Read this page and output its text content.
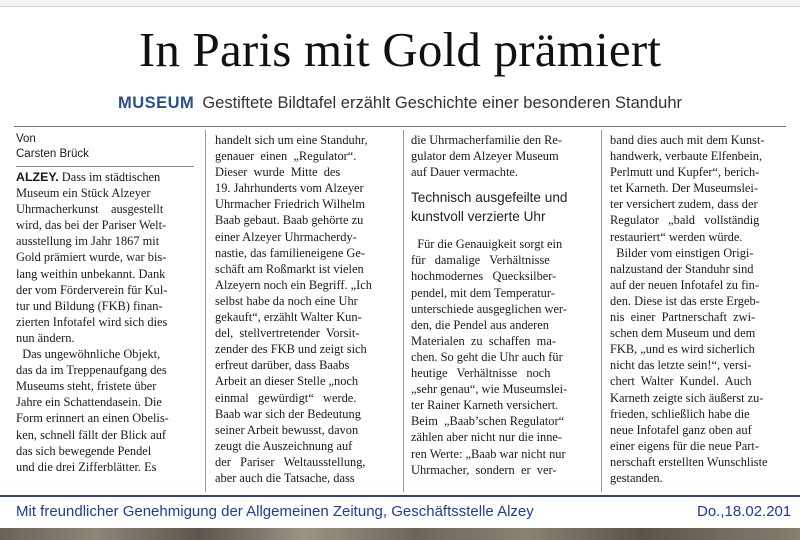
In Paris mit Gold prämiert
MUSEUM Gestiftete Bildtafel erzählt Geschichte einer besonderen Standuhr
Von
Carsten Brück
ALZEY. Dass im städtischen
Museum ein Stück Alzeyer
Uhrmacherkunst    ausgestellt
wird, das bei der Pariser Welt-
ausstellung im Jahr 1867 mit
Gold prämiert wurde, war bis-
lang weithin unbekannt. Dank
der vom Förderverein für Kul-
tur und Bildung (FKB) finan-
zierten Infotafel wird sich dies
nun ändern.
Das ungewöhnliche Objekt,
das da im Treppenaufgang des
Museums steht, fristete über
Jahre ein Schattendasein. Die
Form erinnert an einen Obelis-
ken, schnell fällt der Blick auf
das sich bewegende Pendel
und die drei Zifferblätter. Es
handelt sich um eine Standuhr,
genauer  einen  „Regulator“.
Dieser  wurde  Mitte  des
19. Jahrhunderts vom Alzeyer
Uhrmacher Friedrich Wilhelm
Baab gebaut. Baab gehörte zu
einer Alzeyer Uhrmacherdy-
nastie, das familieneigene Ge-
schäft am Roßmarkt ist vielen
Alzeyern noch ein Begriff. „Ich
selbst habe da noch eine Uhr
gekauft“, erzählt Walter Kun-
del,  stellvertretender  Vorsit-
zender des FKB und zeigt sich
erfreut darüber, dass Baabs
Arbeit an dieser Stelle „noch
einmal   gewürdigt“   werde.
Baab war sich der Bedeutung
seiner Arbeit bewusst, davon
zeugt die Auszeichnung auf
der   Pariser   Weltausstellung,
aber auch die Tatsache, dass
die Uhrmacherfamilie den Re-
gulator dem Alzeyer Museum
auf Dauer vermachte.
Technisch ausgefeilte und
kunstvoll verzierte Uhr
Für die Genauigkeit sorgt ein
für   damalige   Verhältnisse
hochmodernes   Quecksilber-
pendel, mit dem Temperatur-
unterschiede ausgeglichen wer-
den, die Pendel aus anderen
Materialen  zu  schaffen  ma-
chen. So geht die Uhr auch für
heutige   Verhältnisse   noch
„sehr genau“, wie Museumslei-
ter Rainer Karneth versichert.
Beim  „Baab’schen Regulator“
zählen aber nicht nur die inne-
ren Werte: „Baab war nicht nur
Uhrmacher,  sondern  er  ver-
band dies auch mit dem Kunst-
handwerk, verbaute Elfenbein,
Perlmutt und Kupfer“, berich-
tet Karneth. Der Museumslei-
ter versichert zudem, dass der
Regulator   „bald   vollständig
restauriert“ werden würde.
Bilder vom einstigen Origi-
nalzustand der Standuhr sind
auf der neuen Infotafel zu fin-
den. Diese ist das erste Ergeb-
nis  einer  Partnerschaft  zwi-
schen dem Museum und dem
FKB, „und es wird sicherlich
nicht das letzte sein!“, versi-
chert  Walter  Kundel.  Auch
Karneth zeigte sich äußerst zu-
frieden, schließlich habe die
neue Infotafel ganz oben auf
einer eigens für die neue Part-
nerschaft erstellten Wunschliste
gestanden.
Mit freundlicher Genehmigung der Allgemeinen Zeitung, Geschäftsstelle Alzey	Do.,18.02.201
